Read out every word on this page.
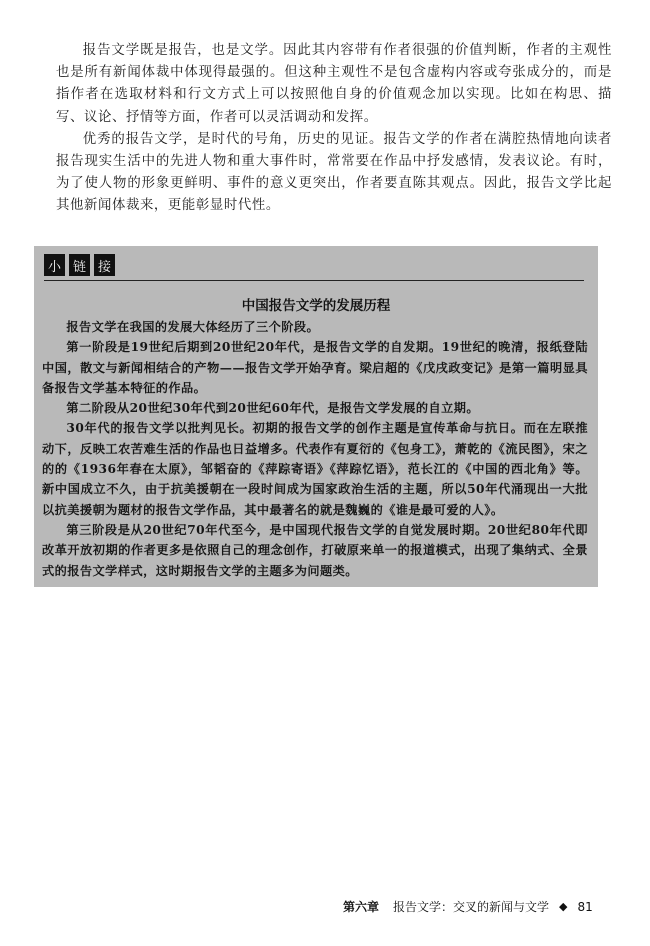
报告文学既是报告，也是文学。因此其内容带有作者很强的价值判断，作者的主观性也是所有新闻体裁中体现得最强的。但这种主观性不是包含虚构内容或夸张成分的，而是指作者在选取材料和行文方式上可以按照他自身的价值观念加以实现。比如在构思、描写、议论、抒情等方面，作者可以灵活调动和发挥。

优秀的报告文学，是时代的号角，历史的见证。报告文学的作者在满腔热情地向读者报告现实生活中的先进人物和重大事件时，常常要在作品中抒发感情，发表议论。有时，为了使人物的形象更鲜明、事件的意义更突出，作者要直陈其观点。因此，报告文学比起其他新闻体裁来，更能彰显时代性。

小 链 接
中国报告文学的发展历程

报告文学在我国的发展大体经历了三个阶段。

第一阶段是19世纪后期到20世纪20年代，是报告文学的自发期。19世纪的晚清，报纸登陆中国，散文与新闻相结合的产物——报告文学开始孕育。梁启超的《戊戌政变记》是第一篇明显具备报告文学基本特征的作品。

第二阶段从20世纪30年代到20世纪60年代，是报告文学发展的自立期。

30年代的报告文学以批判见长。初期的报告文学的创作主题是宣传革命与抗日。而在左联推动下，反映工农苦难生活的作品也日益增多。代表作有夏衍的《包身工》，萧乾的《流民图》，宋之的的《1936年春在太原》，邹韬奋的《萍踪寄语》《萍踪忆语》，范长江的《中国的西北角》等。新中国成立不久，由于抗美援朝在一段时间成为国家政治生活的主题，所以50年代涌现出一大批以抗美援朝为题材的报告文学作品，其中最著名的就是魏巍的《谁是最可爱的人》。

第三阶段是从20世纪70年代至今，是中国现代报告文学的自觉发展时期。20世纪80年代即改革开放初期的作者更多是依照自己的理念创作，打破原来单一的报道模式，出现了集纳式、全景式的报告文学样式，这时期报告文学的主题多为问题类。

第六章 报告文学：交叉的新闻与文学 ◆ 81
